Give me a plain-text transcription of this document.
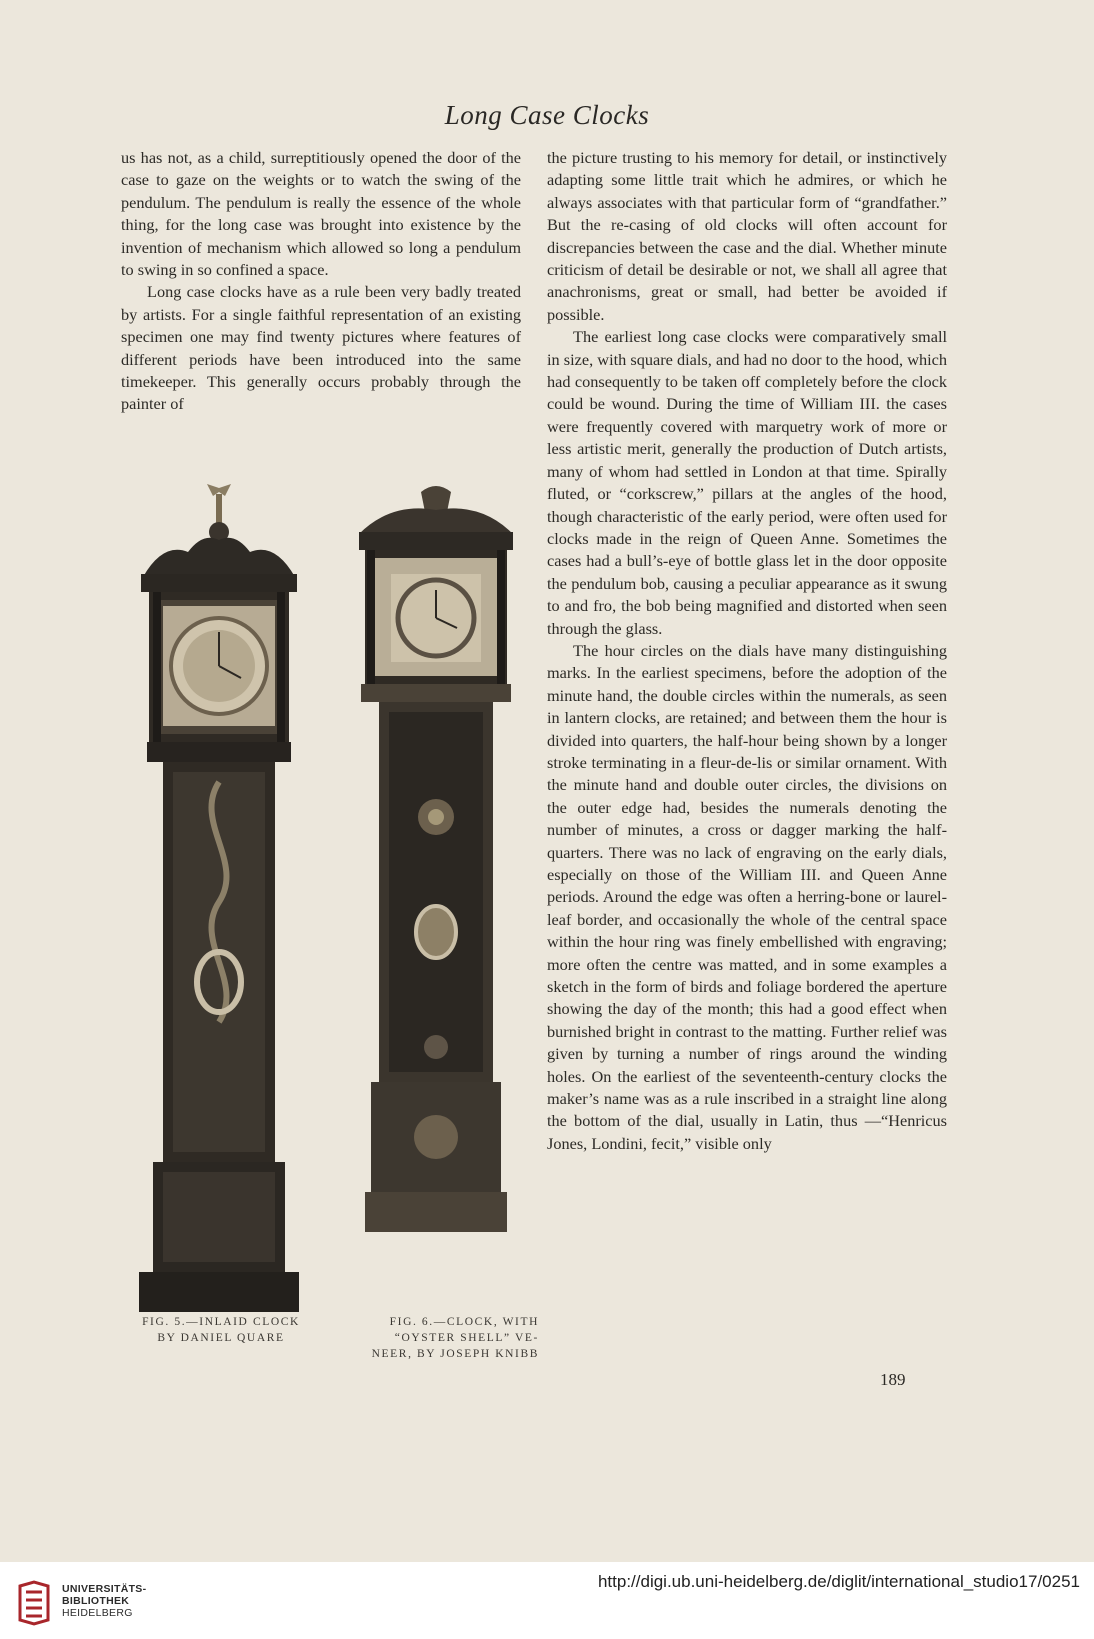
Long Case Clocks

us has not, as a child, surreptitiously opened the door of the case to gaze on the weights or to watch the swing of the pendulum. The pendulum is really the essence of the whole thing, for the long case was brought into existence by the invention of mechanism which allowed so long a pendulum to swing in so confined a space.

Long case clocks have as a rule been very badly treated by artists. For a single faithful representation of an existing specimen one may find twenty pictures where features of different periods have been introduced into the same timekeeper. This generally occurs probably through the painter of

the picture trusting to his memory for detail, or instinctively adapting some little trait which he admires, or which he always associates with that particular form of “grandfather.” But the re-casing of old clocks will often account for discrepancies between the case and the dial. Whether minute criticism of detail be desirable or not, we shall all agree that anachronisms, great or small, had better be avoided if possible.

The earliest long case clocks were comparatively small in size, with square dials, and had no door to the hood, which had consequently to be taken off completely before the clock could be wound. During the time of William III. the cases were frequently covered with marquetry work of more or less artistic merit, generally the production of Dutch artists, many of whom had settled in London at that time. Spirally fluted, or “corkscrew,” pillars at the angles of the hood, though characteristic of the early period, were often used for clocks made in the reign of Queen Anne. Sometimes the cases had a bull’s-eye of bottle glass let in the door opposite the pendulum bob, causing a peculiar appearance as it swung to and fro, the bob being magnified and distorted when seen through the glass.

The hour circles on the dials have many distinguishing marks. In the earliest specimens, before the adoption of the minute hand, the double circles within the numerals, as seen in lantern clocks, are retained; and between them the hour is divided into quarters, the half-hour being shown by a longer stroke terminating in a fleur-de-lis or similar ornament. With the minute hand and double outer circles, the divisions on the outer edge had, besides the numerals denoting the number of minutes, a cross or dagger marking the half-quarters. There was no lack of engraving on the early dials, especially on those of the William III. and Queen Anne periods. Around the edge was often a herring-bone or laurel-leaf border, and occasionally the whole of the central space within the hour ring was finely embellished with engraving; more often the centre was matted, and in some examples a sketch in the form of birds and foliage bordered the aperture showing the day of the month; this had a good effect when burnished bright in contrast to the matting. Further relief was given by turning a number of rings around the winding holes. On the earliest of the seventeenth-century clocks the maker’s name was as a rule inscribed in a straight line along the bottom of the dial, usually in Latin, thus —“Henricus Jones, Londini, fecit,” visible only

FIG. 5.—INLAID CLOCK
BY DANIEL QUARE
FIG. 6.—CLOCK, WITH
“OYSTER SHELL” VE-
NEER, BY JOSEPH KNIBB
189
UNIVERSITÄTS-
BIBLIOTHEK
HEIDELBERG
http://digi.ub.uni-heidelberg.de/diglit/international_studio17/0251
